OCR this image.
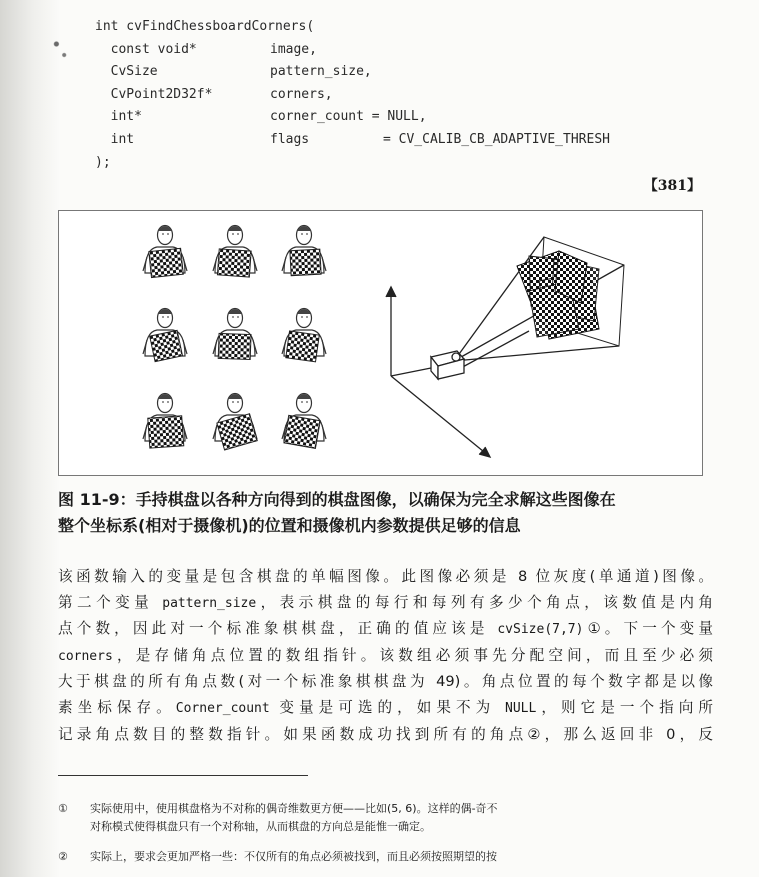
int cvFindChessboardCorners(
const void*	image,
CvSize	pattern_size,
CvPoint2D32f*	corners,
int*	corner_count = NULL,
int	flags	= CV_CALIB_CB_ADAPTIVE_THRESH
);
【381】
图 11-9：手持棋盘以各种方向得到的棋盘图像，以确保为完全求解这些图像在
整个坐标系(相对于摄像机)的位置和摄像机内参数提供足够的信息

该函数输入的变量是包含棋盘的单幅图像。此图像必须是 8 位灰度(单通道)图像。

第二个变量 pattern_size，表示棋盘的每行和每列有多少个角点，该数值是内角

点个数，因此对一个标准象棋棋盘，正确的值应该是 cvSize(7,7)①。下一个变量

corners，是存储角点位置的数组指针。该数组必须事先分配空间，而且至少必须

大于棋盘的所有角点数(对一个标准象棋棋盘为 49)。角点位置的每个数字都是以像

素坐标保存。Corner_count 变量是可选的，如果不为 NULL，则它是一个指向所

记录角点数目的整数指针。如果函数成功找到所有的角点②，那么返回非 0，反

① 实际使用中，使用棋盘格为不对称的偶奇维数更方便——比如(5, 6)。这样的偶-奇不
对称模式使得棋盘只有一个对称轴，从而棋盘的方向总是能惟一确定。
② 实际上，要求会更加严格一些：不仅所有的角点必须被找到，而且必须按照期望的按
